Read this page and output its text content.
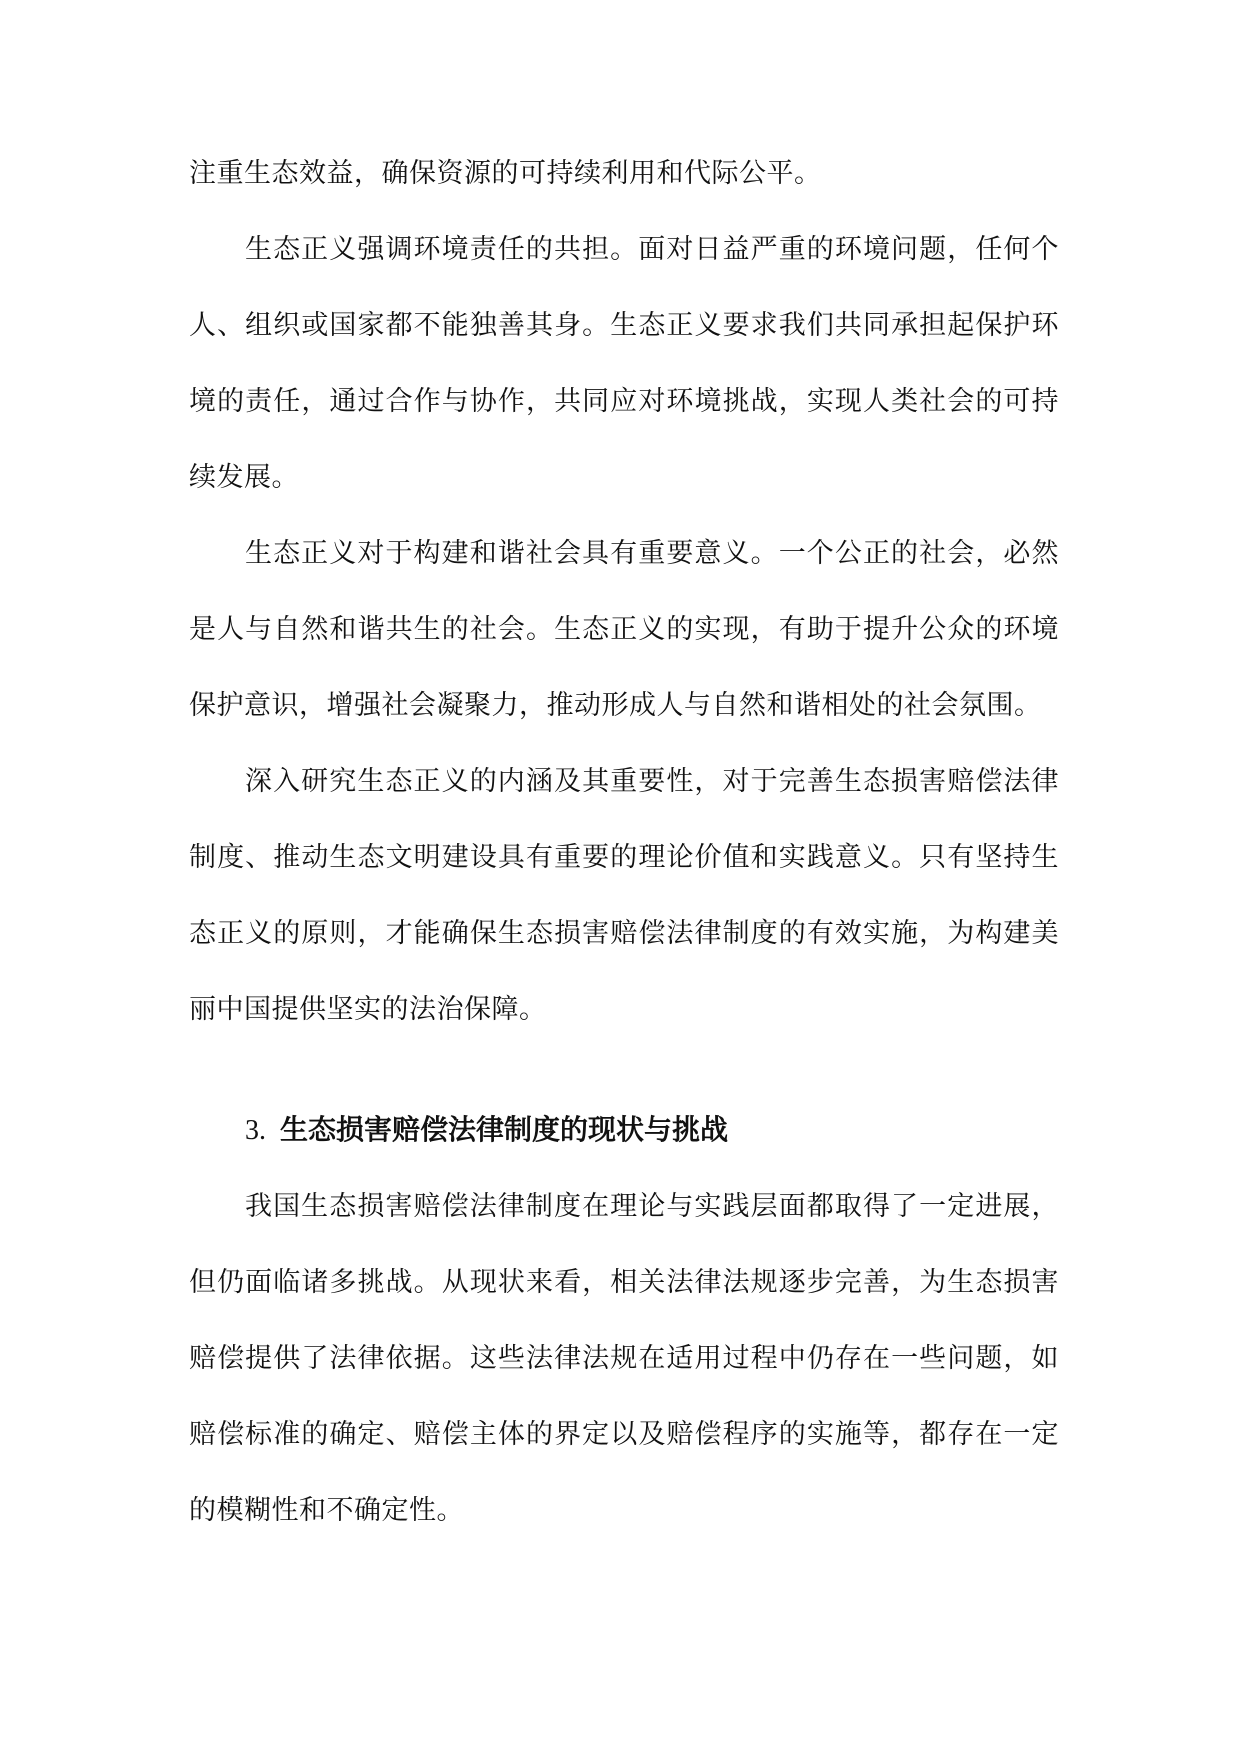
注重生态效益，确保资源的可持续利用和代际公平。

生态正义强调环境责任的共担。面对日益严重的环境问题，任何个人、组织或国家都不能独善其身。生态正义要求我们共同承担起保护环境的责任，通过合作与协作，共同应对环境挑战，实现人类社会的可持续发展。

生态正义对于构建和谐社会具有重要意义。一个公正的社会，必然是人与自然和谐共生的社会。生态正义的实现，有助于提升公众的环境保护意识，增强社会凝聚力，推动形成人与自然和谐相处的社会氛围。

深入研究生态正义的内涵及其重要性，对于完善生态损害赔偿法律制度、推动生态文明建设具有重要的理论价值和实践意义。只有坚持生态正义的原则，才能确保生态损害赔偿法律制度的有效实施，为构建美丽中国提供坚实的法治保障。

3. 生态损害赔偿法律制度的现状与挑战

我国生态损害赔偿法律制度在理论与实践层面都取得了一定进展，但仍面临诸多挑战。从现状来看，相关法律法规逐步完善，为生态损害赔偿提供了法律依据。这些法律法规在适用过程中仍存在一些问题，如赔偿标准的确定、赔偿主体的界定以及赔偿程序的实施等，都存在一定的模糊性和不确定性。
